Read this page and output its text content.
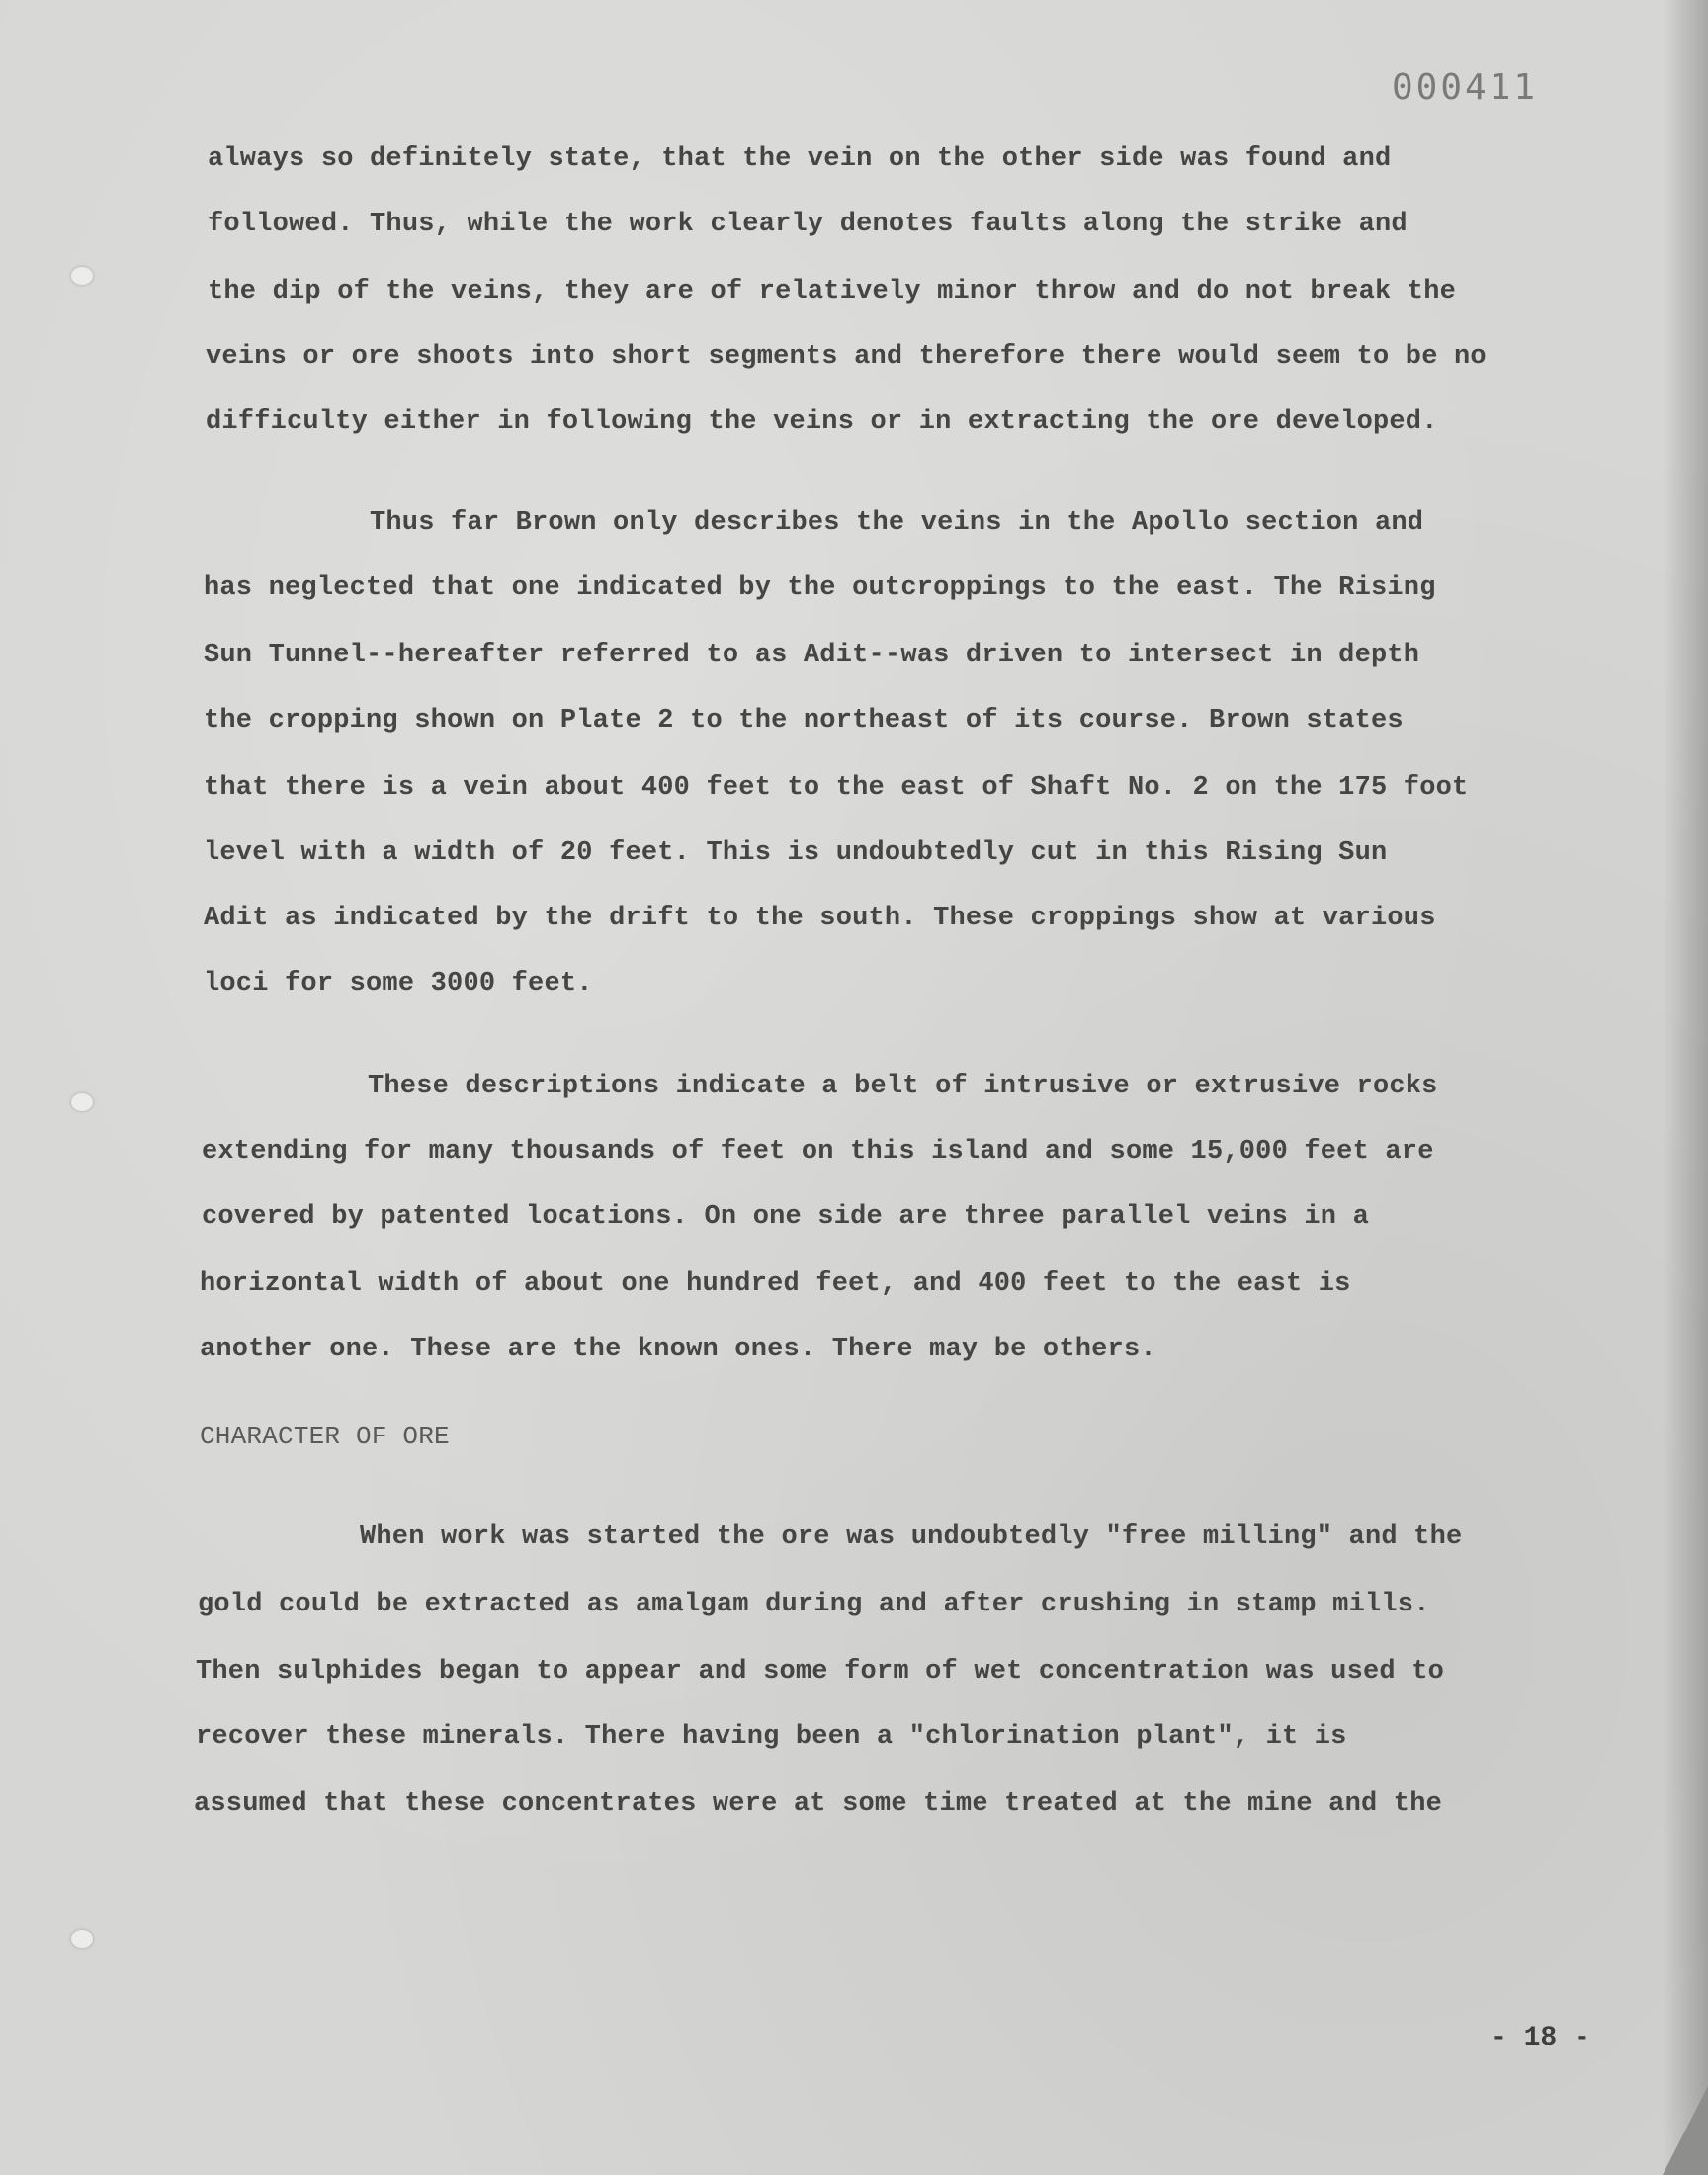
000411
always so definitely state, that the vein on the other side was found and
followed. Thus, while the work clearly denotes faults along the strike and
the dip of the veins, they are of relatively minor throw and do not break the
veins or ore shoots into short segments and therefore there would seem to be no
difficulty either in following the veins or in extracting the ore developed.
Thus far Brown only describes the veins in the Apollo section and
has neglected that one indicated by the outcroppings to the east. The Rising
Sun Tunnel--hereafter referred to as Adit--was driven to intersect in depth
the cropping shown on Plate 2 to the northeast of its course. Brown states
that there is a vein about 400 feet to the east of Shaft No. 2 on the 175 foot
level with a width of 20 feet. This is undoubtedly cut in this Rising Sun
Adit as indicated by the drift to the south. These croppings show at various
loci for some 3000 feet.
These descriptions indicate a belt of intrusive or extrusive rocks
extending for many thousands of feet on this island and some 15,000 feet are
covered by patented locations. On one side are three parallel veins in a
horizontal width of about one hundred feet, and 400 feet to the east is
another one. These are the known ones. There may be others.
CHARACTER OF ORE
When work was started the ore was undoubtedly "free milling" and the
gold could be extracted as amalgam during and after crushing in stamp mills.
Then sulphides began to appear and some form of wet concentration was used to
recover these minerals. There having been a "chlorination plant", it is
assumed that these concentrates were at some time treated at the mine and the
- 18 -
